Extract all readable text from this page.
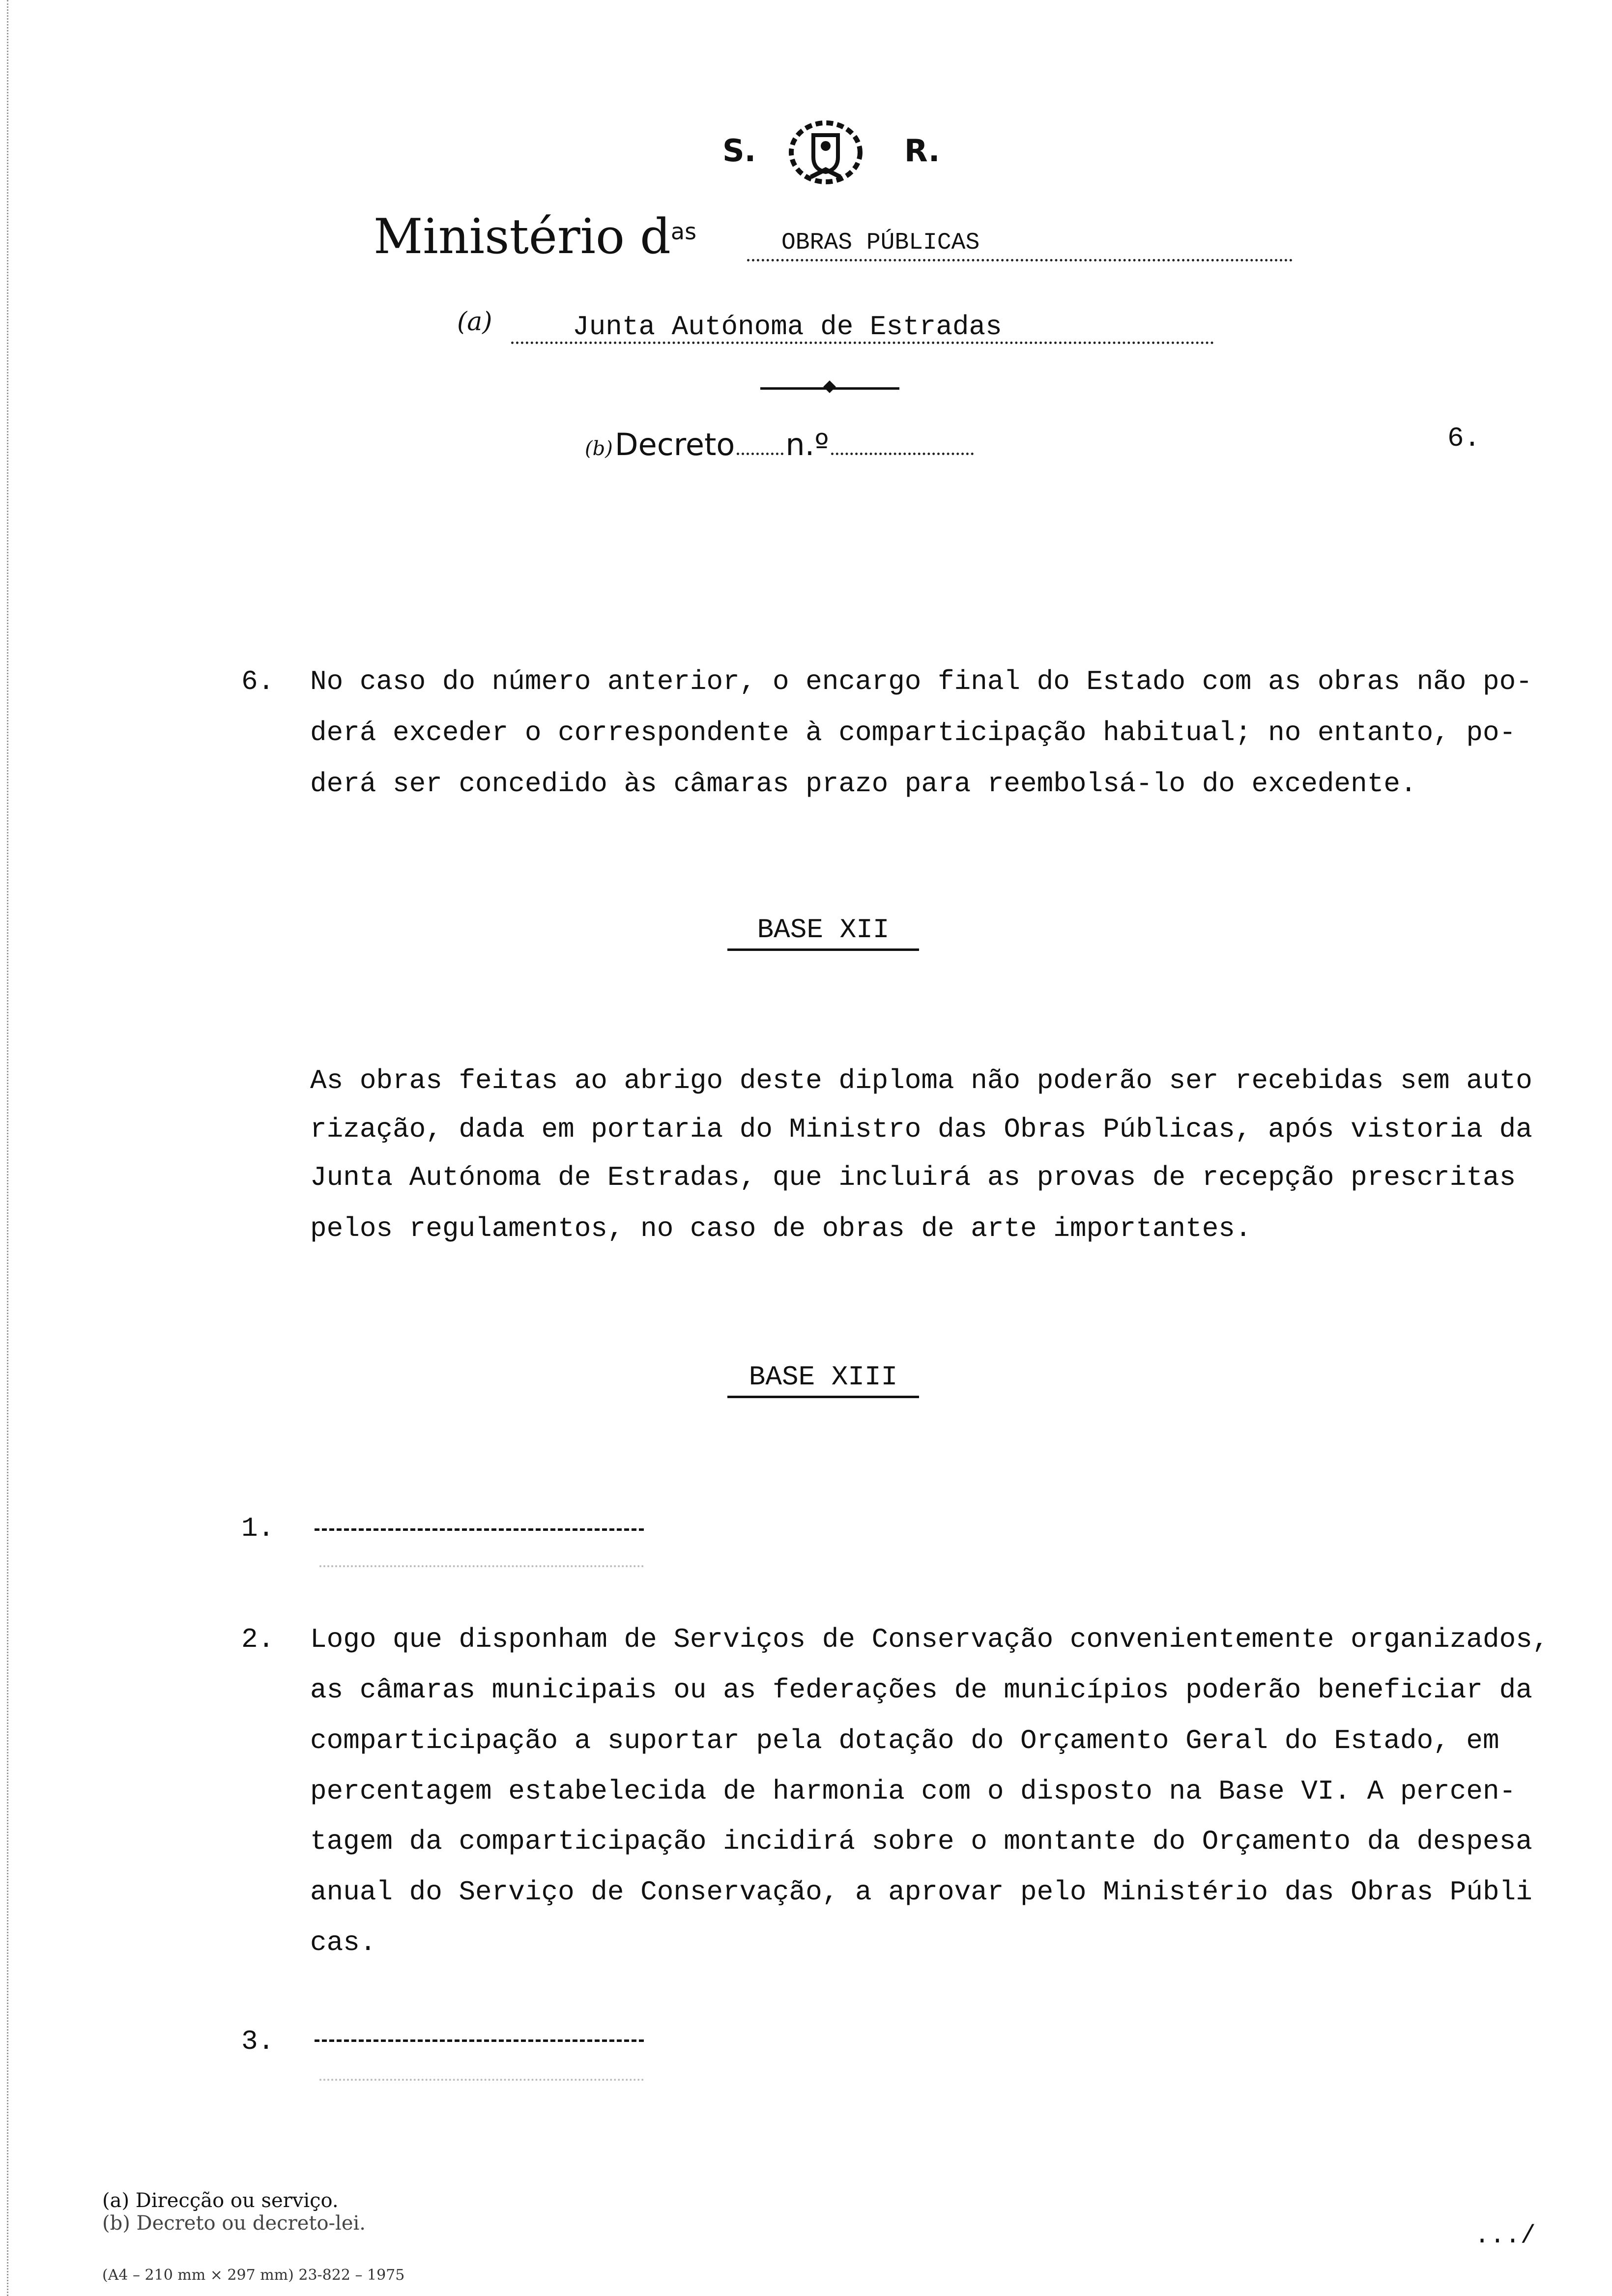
S.	R.
Ministério das	OBRAS PÚBLICAS
(a)	Junta Autónoma de Estradas
(b) Decreto n.º	6.
6. No caso do número anterior, o encargo final do Estado com as obras não po-
derá exceder o correspondente à comparticipação habitual; no entanto, po-
derá ser concedido às câmaras prazo para reembolsá-lo do excedente.
BASE XII
As obras feitas ao abrigo deste diploma não poderão ser recebidas sem auto
rização, dada em portaria do Ministro das Obras Públicas, após vistoria da
Junta Autónoma de Estradas, que incluirá as provas de recepção prescritas
pelos regulamentos, no caso de obras de arte importantes.
BASE XIII
1.
2. Logo que disponham de Serviços de Conservação convenientemente organizados,
as câmaras municipais ou as federações de municípios poderão beneficiar da
comparticipação a suportar pela dotação do Orçamento Geral do Estado, em
percentagem estabelecida de harmonia com o disposto na Base VI. A percen-
tagem da comparticipação incidirá sobre o montante do Orçamento da despesa
anual do Serviço de Conservação, a aprovar pelo Ministério das Obras Públi
cas.
3.
(a) Direcção ou serviço.
(b) Decreto ou decreto-lei.	.../
(A4 – 210 mm × 297 mm) 23-822 – 1975
